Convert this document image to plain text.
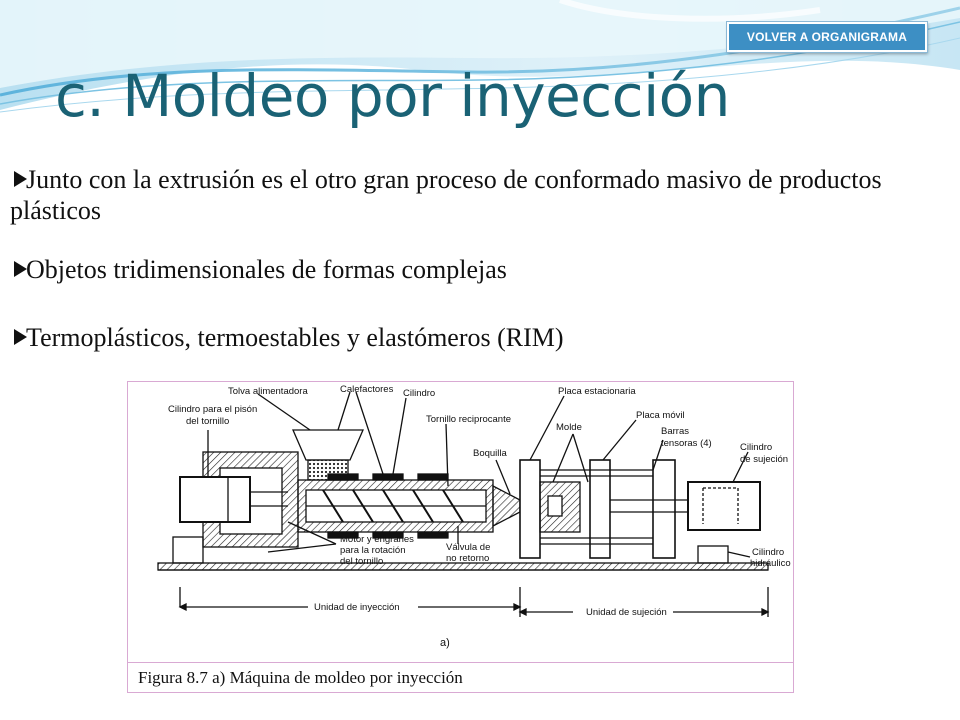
VOLVER A ORGANIGRAMA
c. Moldeo por inyección
Junto con la extrusión es el otro gran proceso de conformado masivo de productos plásticos
Objetos tridimensionales de formas complejas
Termoplásticos, termoestables y elastómeros (RIM)
Tolva alimentadora	Calefactores Cilindro	Placa estacionaria
Cilindro para el pisón
del tornillo	Tornillo reciprocante
Molde
Placa móvil
Barras
tensoras (4)	Cilindro
de sujeción
Boquilla
Motor y engranes
para la rotación
del tornillo
Válvula de
no retorno
Cilindro
hidráulico
Unidad de inyección	Unidad de sujeción
a)
Figura 8.7 a) Máquina de moldeo por inyección
